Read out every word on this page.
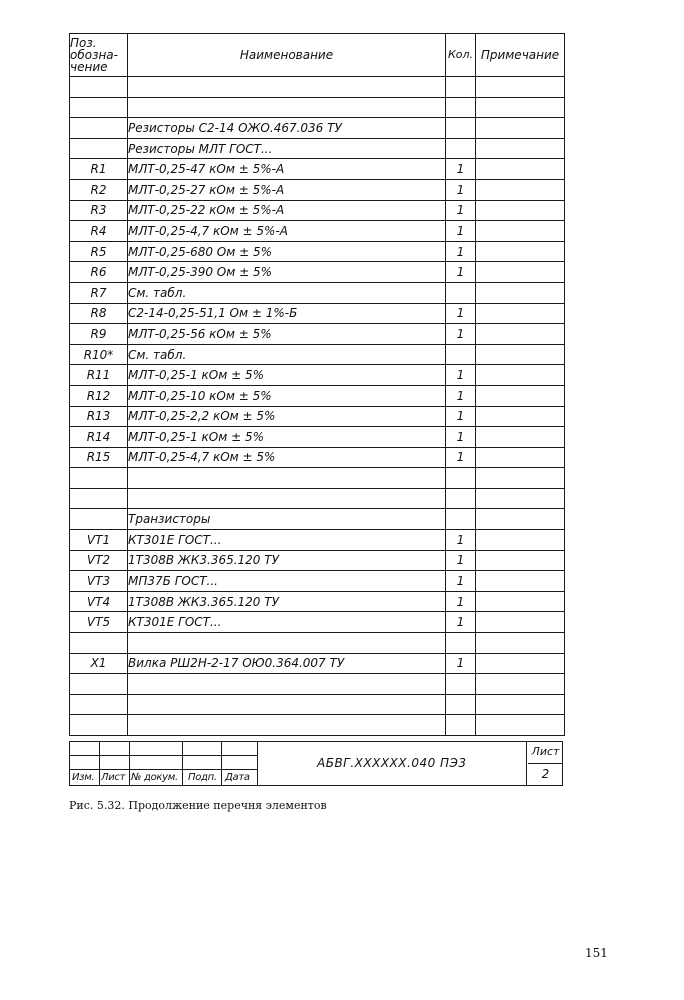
Поз.
обозна-
чение	Наименование	Кол.	Примечание

	Резисторы С2-14 ОЖО.467.036 ТУ		
	Резисторы МЛТ ГОСТ...		
R1	МЛТ-0,25-47 кОм ± 5%-А	1	
R2	МЛТ-0,25-27 кОм ± 5%-А	1	
R3	МЛТ-0,25-22 кОм ± 5%-А	1	
R4	МЛТ-0,25-4,7 кОм ± 5%-А	1	
R5	МЛТ-0,25-680 Ом ± 5%	1	
R6	МЛТ-0,25-390 Ом ± 5%	1	
R7	См. табл.		
R8	С2-14-0,25-51,1 Ом ± 1%-Б	1	
R9	МЛТ-0,25-56 кОм ± 5%	1	
R10*	См. табл.		
R11	МЛТ-0,25-1 кОм ± 5%	1	
R12	МЛТ-0,25-10 кОм ± 5%	1	
R13	МЛТ-0,25-2,2 кОм ± 5%	1	
R14	МЛТ-0,25-1 кОм ± 5%	1	
R15	МЛТ-0,25-4,7 кОм ± 5%	1	

	Транзисторы		
VT1	КТ301Е ГОСТ...	1	
VT2	1Т308В ЖК3.365.120 ТУ	1	
VT3	МП37Б ГОСТ...	1	
VT4	1Т308В ЖК3.365.120 ТУ	1	
VT5	КТ301Е ГОСТ...	1	

X1	Вилка РШ2Н-2-17 ОЮ0.364.007 ТУ	1	

Изм. Лист № докум. Подп. Дата
АБВГ.XXXXXX.040 ПЭ3
Лист
2
Рис. 5.32. Продолжение перечня элементов
151
